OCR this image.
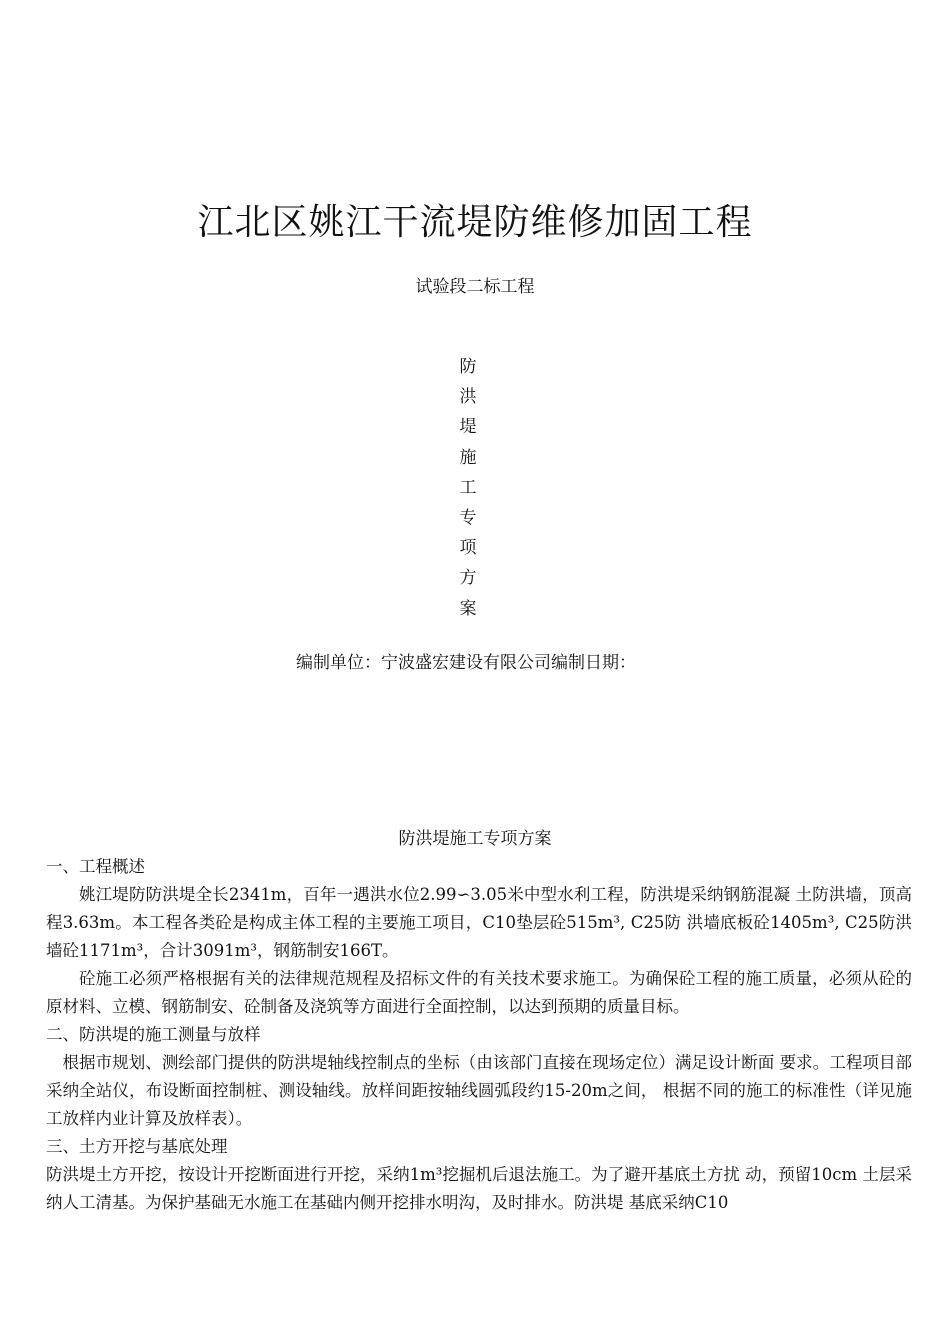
江北区姚江干流堤防维修加固工程
试验段二标工程
防
洪
堤
施
工
专
项
方
案
编制单位：宁波盛宏建设有限公司编制日期：
防洪堤施工专项方案

一、工程概述

姚江堤防防洪堤全长2341m，百年一遇洪水位2.99∽3.05米中型水利工程，防洪堤采纳钢筋混凝 土防洪墙，顶高程3.63m。本工程各类砼是构成主体工程的主要施工项目，C10垫层砼515m³, C25防 洪墙底板砼1405m³, C25防洪墙砼1171m³，合计3091m³，钢筋制安166T。

砼施工必须严格根据有关的法律规范规程及招标文件的有关技术要求施工。为确保砼工程的施工质量，必须从砼的原材料、立模、钢筋制安、砼制备及浇筑等方面进行全面控制，以达到预期的质量目标。

二、防洪堤的施工测量与放样

根据市规划、测绘部门提供的防洪堤轴线控制点的坐标（由该部门直接在现场定位）满足设计断面 要求。工程项目部采纳全站仪，布设断面控制桩、测设轴线。放样间距按轴线圆弧段约15-20m之间， 根据不同的施工的标准性（详见施工放样内业计算及放样表）。

三、土方开挖与基底处理

防洪堤土方开挖，按设计开挖断面进行开挖，采纳1m³挖掘机后退法施工。为了避开基底土方扰 动，预留10cm 土层采纳人工清基。为保护基础无水施工在基础内侧开挖排水明沟，及时排水。防洪堤 基底采纳C10
